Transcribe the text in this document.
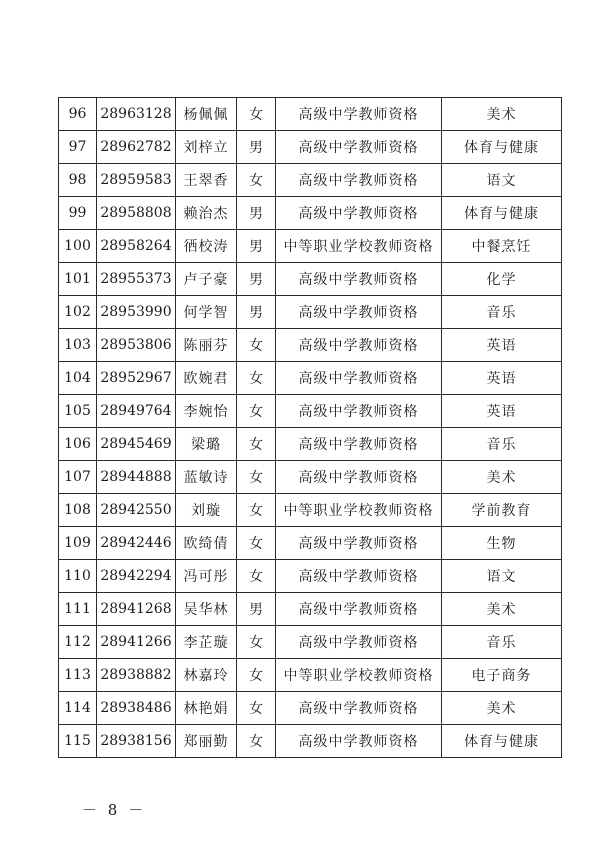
96	28963128	杨佩佩	女	高级中学教师资格	美术
97	28962782	刘梓立	男	高级中学教师资格	体育与健康
98	28959583	王翠香	女	高级中学教师资格	语文
99	28958808	赖治杰	男	高级中学教师资格	体育与健康
100	28958264	徆校涛	男	中等职业学校教师资格	中餐烹饪
101	28955373	卢子豪	男	高级中学教师资格	化学
102	28953990	何学智	男	高级中学教师资格	音乐
103	28953806	陈丽芬	女	高级中学教师资格	英语
104	28952967	欧婉君	女	高级中学教师资格	英语
105	28949764	李婉怡	女	高级中学教师资格	英语
106	28945469	梁璐	女	高级中学教师资格	音乐
107	28944888	蓝敏诗	女	高级中学教师资格	美术
108	28942550	刘璇	女	中等职业学校教师资格	学前教育
109	28942446	欧绮倩	女	高级中学教师资格	生物
110	28942294	冯可彤	女	高级中学教师资格	语文
111	28941268	吴华林	男	高级中学教师资格	美术
112	28941266	李芷璇	女	高级中学教师资格	音乐
113	28938882	林嘉玲	女	中等职业学校教师资格	电子商务
114	28938486	林艳娟	女	高级中学教师资格	美术
115	28938156	郑丽勤	女	高级中学教师资格	体育与健康
－ 8 －
